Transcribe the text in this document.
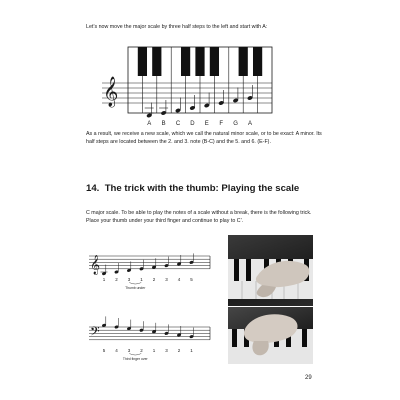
Let’s now move the major scale by three half steps to the left and start with A:

𝄞
A B C D E F G A
𝄞
1 2 3 1 2 3 4 5
Thumb under
𝄢
5 4 3 2 1 3 2 1
Third finger over

As a result, we receive a new scale, which we call the natural minor scale, or to be exact: A minor. Its half steps are located between the 2. and 3. note (B-C) and the 5. and 6. (E-F).

14. The trick with the thumb: Playing the scale

C major scale. To be able to play the notes of a scale without a break, there is the following trick. Place your thumb under your third finger and continue to play to C’.

29
